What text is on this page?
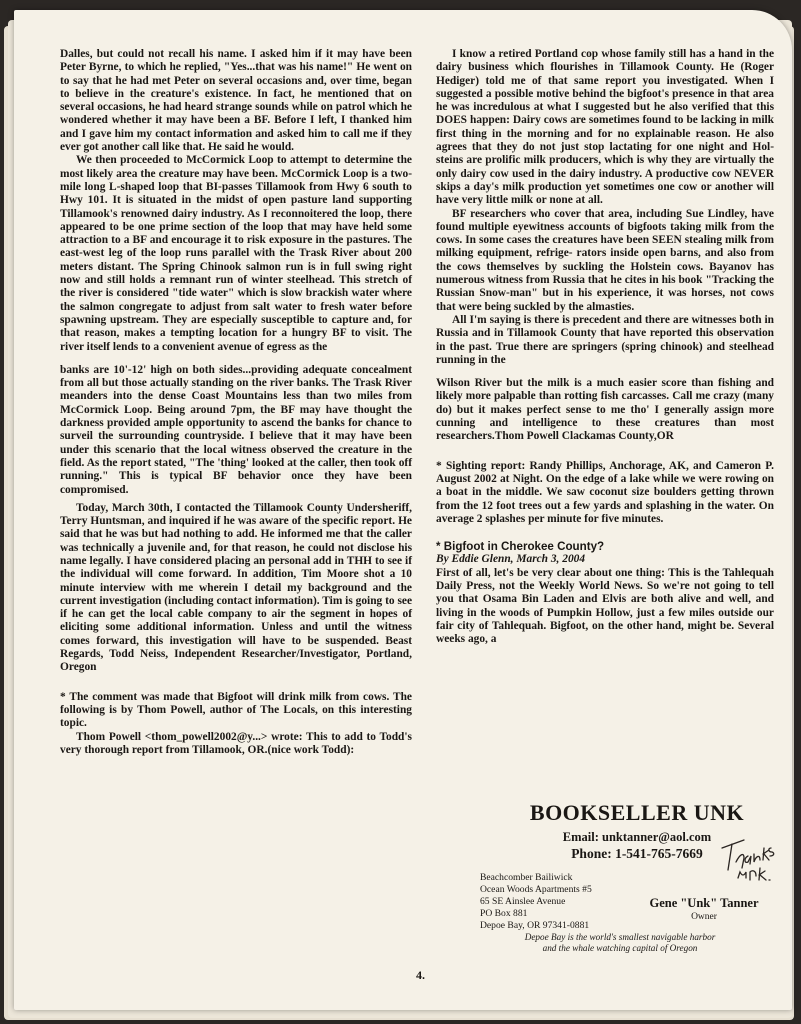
Dalles, but could not recall his name. I asked him if it may have been Peter Byrne, to which he replied, "Yes...that was his name!" He went on to say that he had met Peter on several occasions and, over time, began to believe in the creature's existence. In fact, he mentioned that on several occasions, he had heard strange sounds while on patrol which he wondered whether it may have been a BF. Before I left, I thanked him and I gave him my contact information and asked him to call me if they ever got another call like that. He said he would.

We then proceeded to McCormick Loop to attempt to determine the most likely area the creature may have been. McCormick Loop is a two-mile long L-shaped loop that BI-passes Tillamook from Hwy 6 south to Hwy 101. It is situated in the midst of open pasture land supporting Tillamook's renowned dairy industry. As I reconnoitered the loop, there appeared to be one prime section of the loop that may have held some attraction to a BF and encourage it to risk exposure in the pastures. The east-west leg of the loop runs parallel with the Trask River about 200 meters distant. The Spring Chinook salmon run is in full swing right now and still holds a remnant run of winter steelhead. This stretch of the river is considered "tide water" which is slow brackish water where the salmon congregate to adjust from salt water to fresh water before spawning upstream. They are especially susceptible to capture and, for that reason, makes a tempting location for a hungry BF to visit. The river itself lends to a convenient avenue of egress as the

banks are 10'-12' high on both sides...providing adequate concealment from all but those actually standing on the river banks. The Trask River meanders into the dense Coast Mountains less than two miles from McCormick Loop. Being around 7pm, the BF may have thought the darkness provided ample opportunity to ascend the banks for chance to surveil the surrounding countryside. I believe that it may have been under this scenario that the local witness observed the creature in the field. As the report stated, "The 'thing' looked at the caller, then took off running." This is typical BF behavior once they have been compromised.

Today, March 30th, I contacted the Tillamook County Undersheriff, Terry Huntsman, and inquired if he was aware of the specific report. He said that he was but had nothing to add. He informed me that the caller was technically a juvenile and, for that reason, he could not disclose his name legally. I have considered placing an personal add in THH to see if the individual will come forward. In addition, Tim Moore shot a 10 minute interview with me wherein I detail my background and the current investigation (including contact information). Tim is going to see if he can get the local cable company to air the segment in hopes of eliciting some additional information. Unless and until the witness comes forward, this investigation will have to be suspended. Beast Regards, Todd Neiss, Independent Researcher/Investigator, Portland, Oregon

* The comment was made that Bigfoot will drink milk from cows. The following is by Thom Powell, author of The Locals, on this interesting topic.

Thom Powell <thom_powell2002@y...> wrote: This to add to Todd's very thorough report from Tillamook, OR.(nice work Todd):

I know a retired Portland cop whose family still has a hand in the dairy business which flourishes in Tillamook County. He (Roger Hediger) told me of that same report you investigated. When I suggested a possible motive behind the bigfoot's presence in that area he was incredulous at what I suggested but he also verified that this DOES happen: Dairy cows are sometimes found to be lacking in milk first thing in the morning and for no explainable reason. He also agrees that they do not just stop lactating for one night and Hol-steins are prolific milk producers, which is why they are virtually the only dairy cow used in the dairy industry. A productive cow NEVER skips a day's milk production yet sometimes one cow or another will have very little milk or none at all.

BF researchers who cover that area, including Sue Lindley, have found multiple eyewitness accounts of bigfoots taking milk from the cows. In some cases the creatures have been SEEN stealing milk from milking equipment, refrige- rators inside open barns, and also from the cows themselves by suckling the Holstein cows. Bayanov has numerous witness from Russia that he cites in his book "Tracking the Russian Snow-man" but in his experience, it was horses, not cows that were being suckled by the almasties.

All I'm saying is there is precedent and there are witnesses both in Russia and in Tillamook County that have reported this observation in the past. True there are springers (spring chinook) and steelhead running in the

Wilson River but the milk is a much easier score than fishing and likely more palpable than rotting fish carcasses. Call me crazy (many do) but it makes perfect sense to me tho' I generally assign more cunning and intelligence to these creatures than most researchers.Thom Powell Clackamas County,OR

* Sighting report: Randy Phillips, Anchorage, AK, and Cameron P. August 2002 at Night. On the edge of a lake while we were rowing on a boat in the middle. We saw coconut size boulders getting thrown from the 12 foot trees out a few yards and splashing in the water. On average 2 splashes per minute for five minutes.

* Bigfoot in Cherokee County?

By Eddie Glenn, March 3, 2004

First of all, let's be very clear about one thing: This is the Tahlequah Daily Press, not the Weekly World News. So we're not going to tell you that Osama Bin Laden and Elvis are both alive and well, and living in the woods of Pumpkin Hollow, just a few miles outside our fair city of Tahlequah. Bigfoot, on the other hand, might be. Several weeks ago, a

BOOKSELLER UNK
Email: unktanner@aol.com
Phone: 1-541-765-7669
Beachcomber Bailiwick
Ocean Woods Apartments #5
65 SE Ainslee Avenue
PO Box 881
Depoe Bay, OR 97341-0881
Gene "Unk" Tanner
Owner
Depoe Bay is the world's smallest navigable harbor
and the whale watching capital of Oregon
4.
